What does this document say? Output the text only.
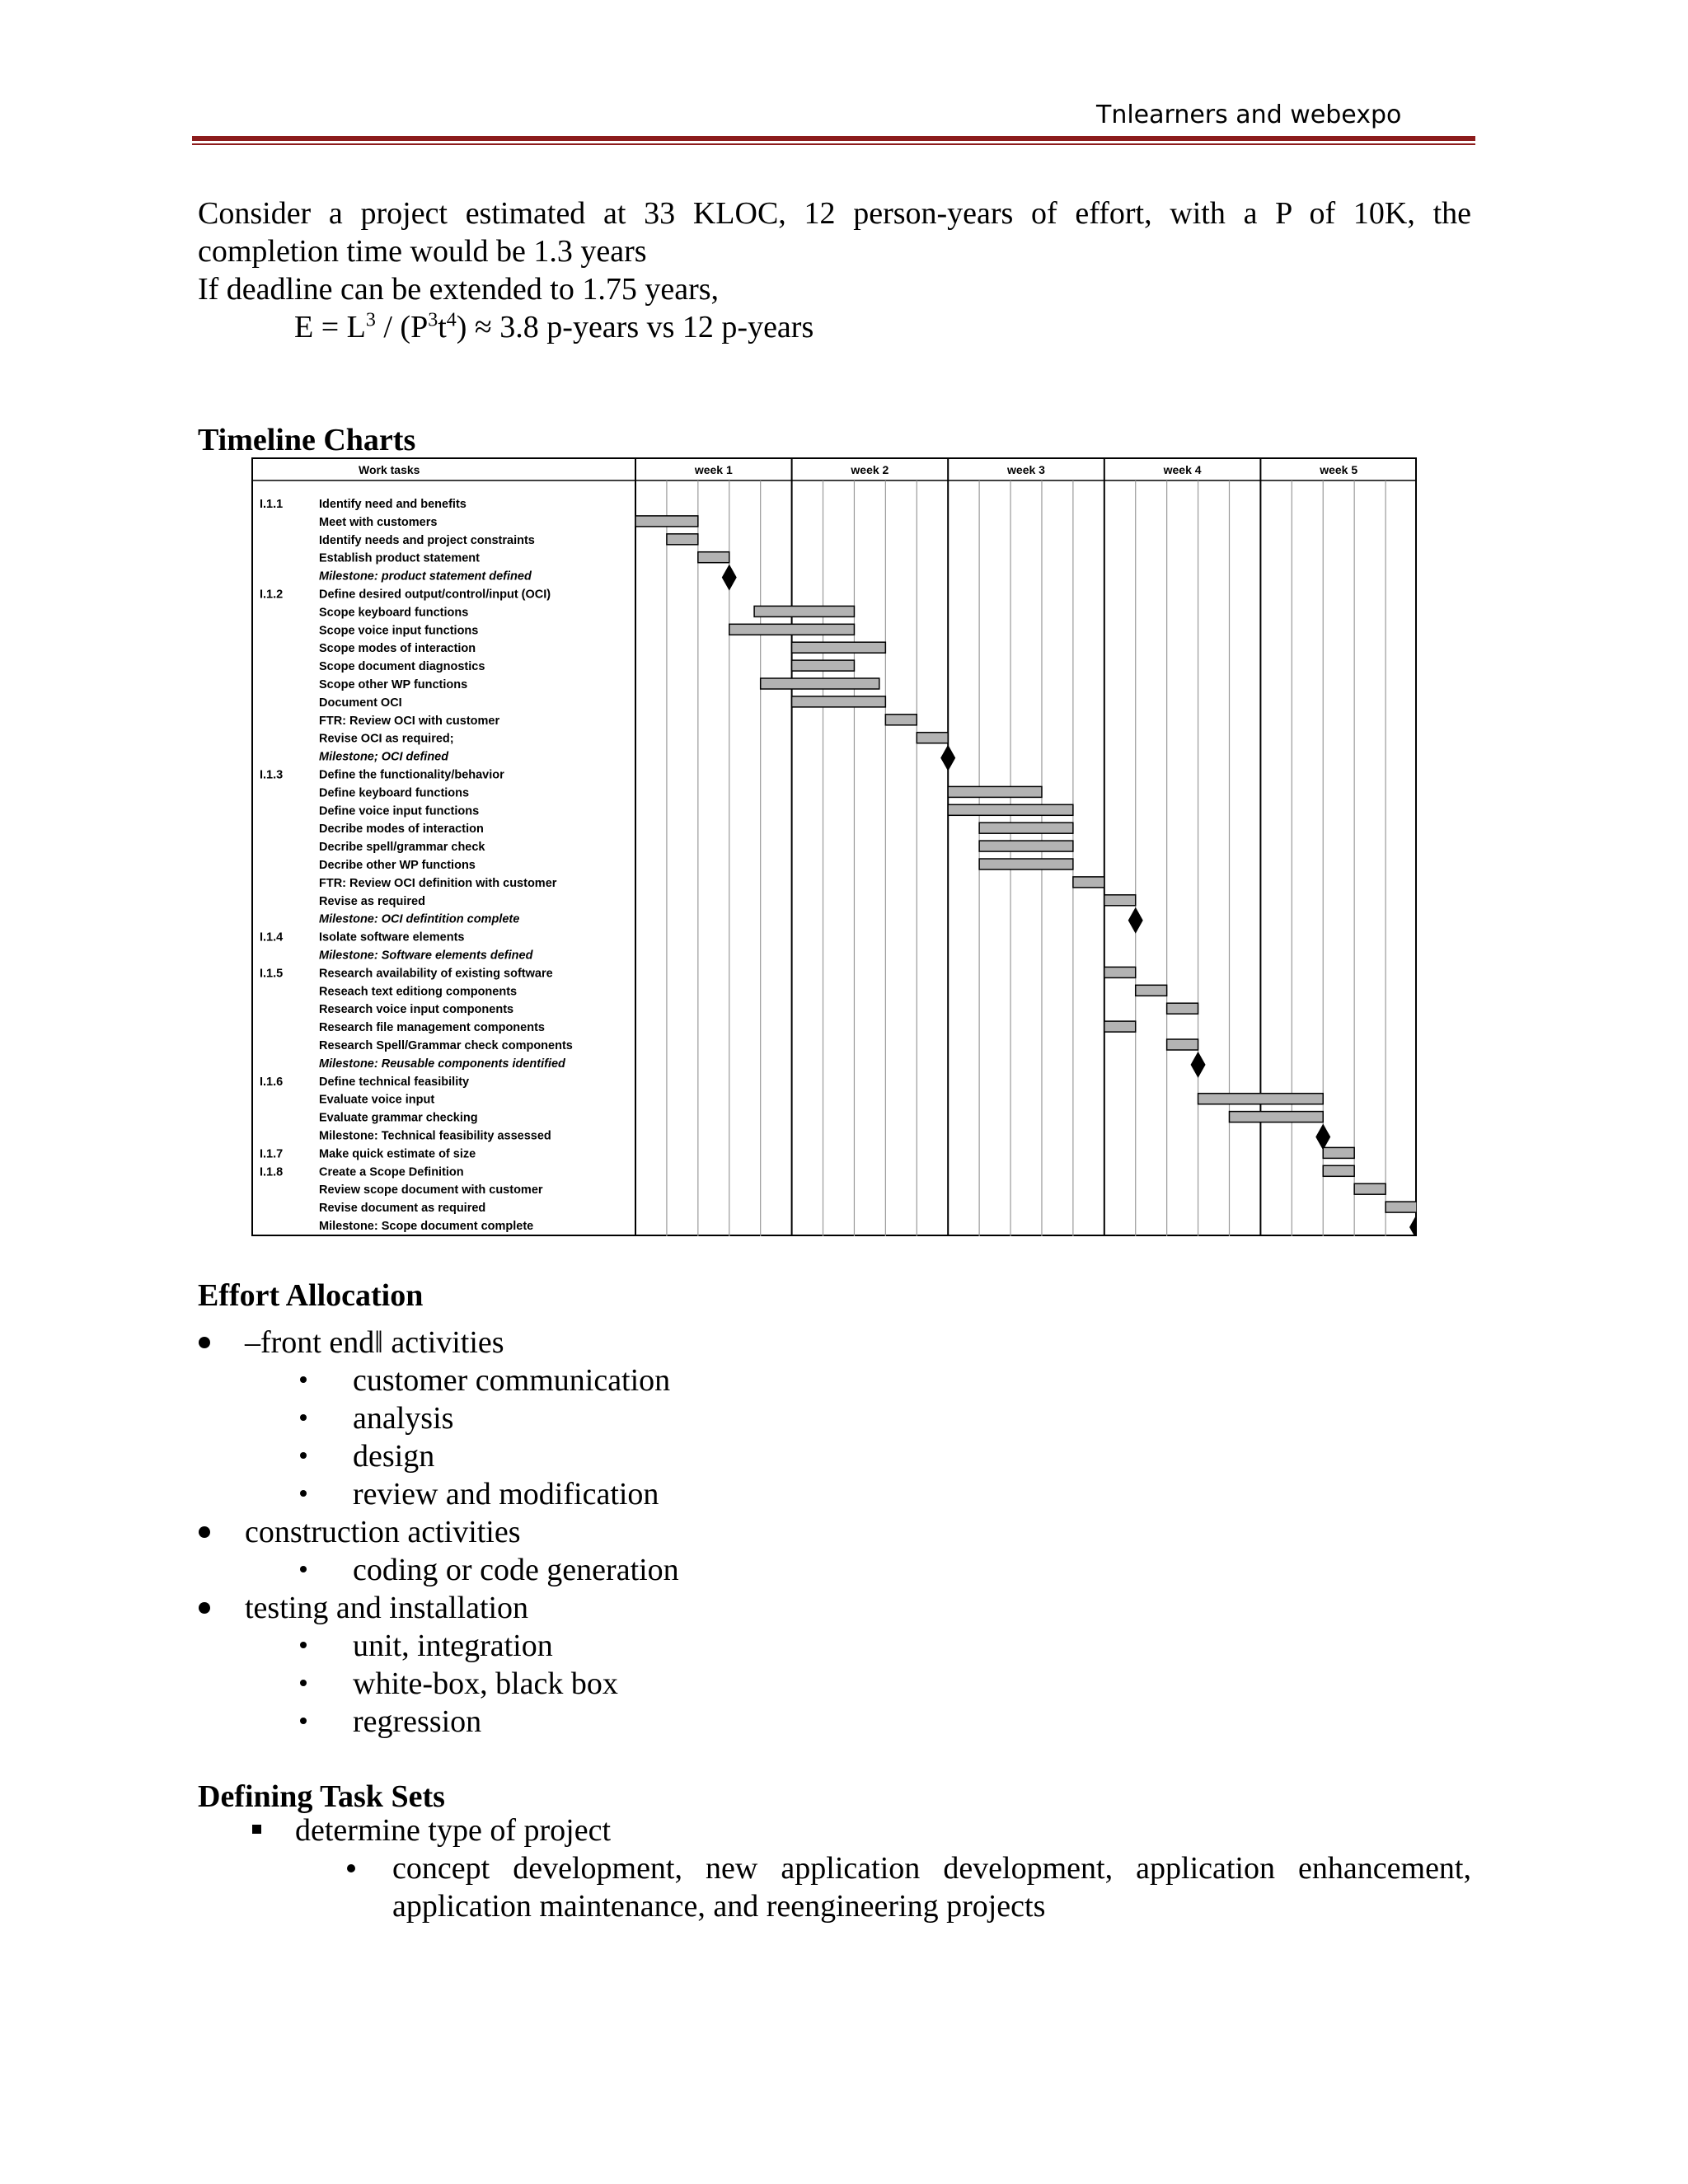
Tnlearners and webexpo
Consider a project estimated at 33 KLOC, 12 person-years of effort, with a P of 10K, the
completion time would be 1.3 years
If deadline can be extended to 1.75 years,
$E = L^3 / (P^3t^4) \approx 3.8$ p-years vs 12 p-years
Timeline Charts
Work tasks	week 1	week 2	week 3	week 4	week 5
I.1.1	Identify need and benefits
Meet with customers
Identify needs and project constraints
Establish product statement
Milestone: product statement defined
I.1.2	Define desired output/control/input (OCI)
Scope keyboard functions
Scope voice input functions
Scope modes of interaction
Scope document diagnostics
Scope other WP functions
Document OCI
FTR: Review OCI with customer
Revise OCI as required;
Milestone; OCI defined
I.1.3	Define the functionality/behavior
Define keyboard functions
Define voice input functions
Decribe modes of interaction
Decribe spell/grammar check
Decribe other WP functions
FTR: Review OCI definition with customer
Revise as required
Milestone: OCI defintition complete
I.1.4	Isolate software elements
Milestone: Software elements defined
I.1.5	Research availability of existing software
Reseach text editiong components
Research voice input components
Research file management components
Research Spell/Grammar check components
Milestone: Reusable components identified
I.1.6	Define technical feasibility
Evaluate voice input
Evaluate grammar checking
Milestone: Technical feasibility assessed
I.1.7	Make quick estimate of size
I.1.8	Create a Scope Definition
Review scope document with customer
Revise document as required
Milestone: Scope document complete
Effort Allocation
‒front end‖ activities
customer communication
analysis
design
review and modification
construction activities
coding or code generation
testing and installation
unit, integration
white-box, black box
regression
Defining Task Sets
determine type of project
concept development, new application development, application enhancement,
application maintenance, and reengineering projects
